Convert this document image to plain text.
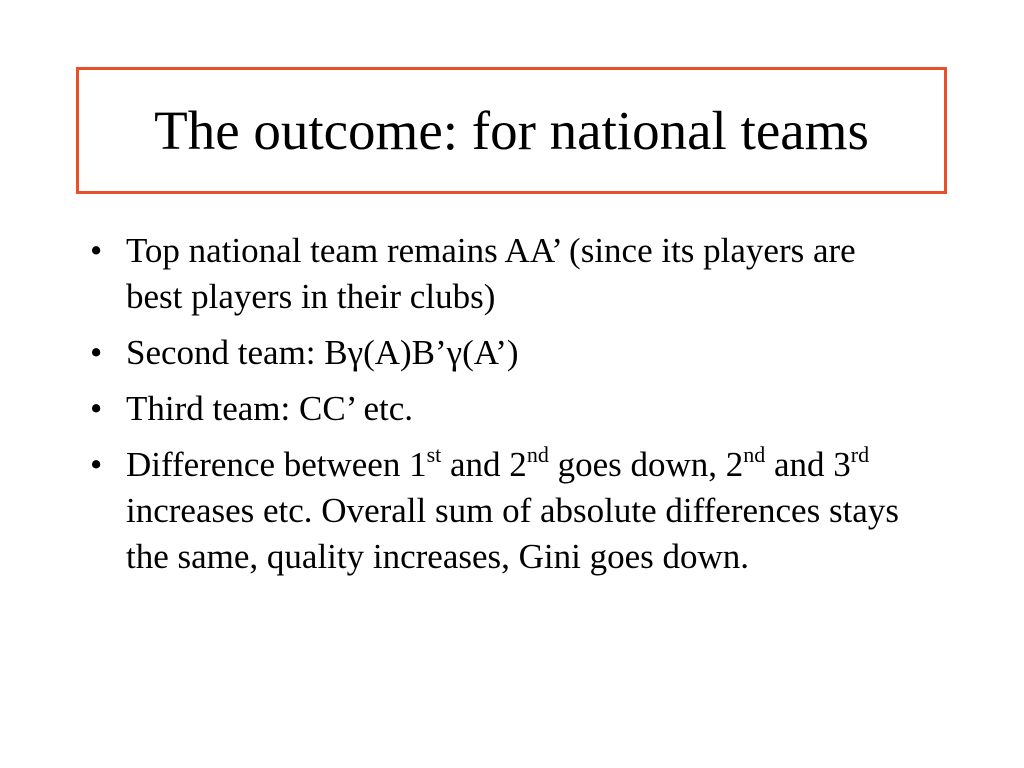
The outcome: for national teams
• Top national team remains AA’ (since its players are best players in their clubs)
• Second team: Bγ(A)B’γ(A’)
• Third team: CC’ etc.
• Difference between 1st and 2nd goes down, 2nd and 3rd increases etc. Overall sum of absolute differences stays the same, quality increases, Gini goes down.
